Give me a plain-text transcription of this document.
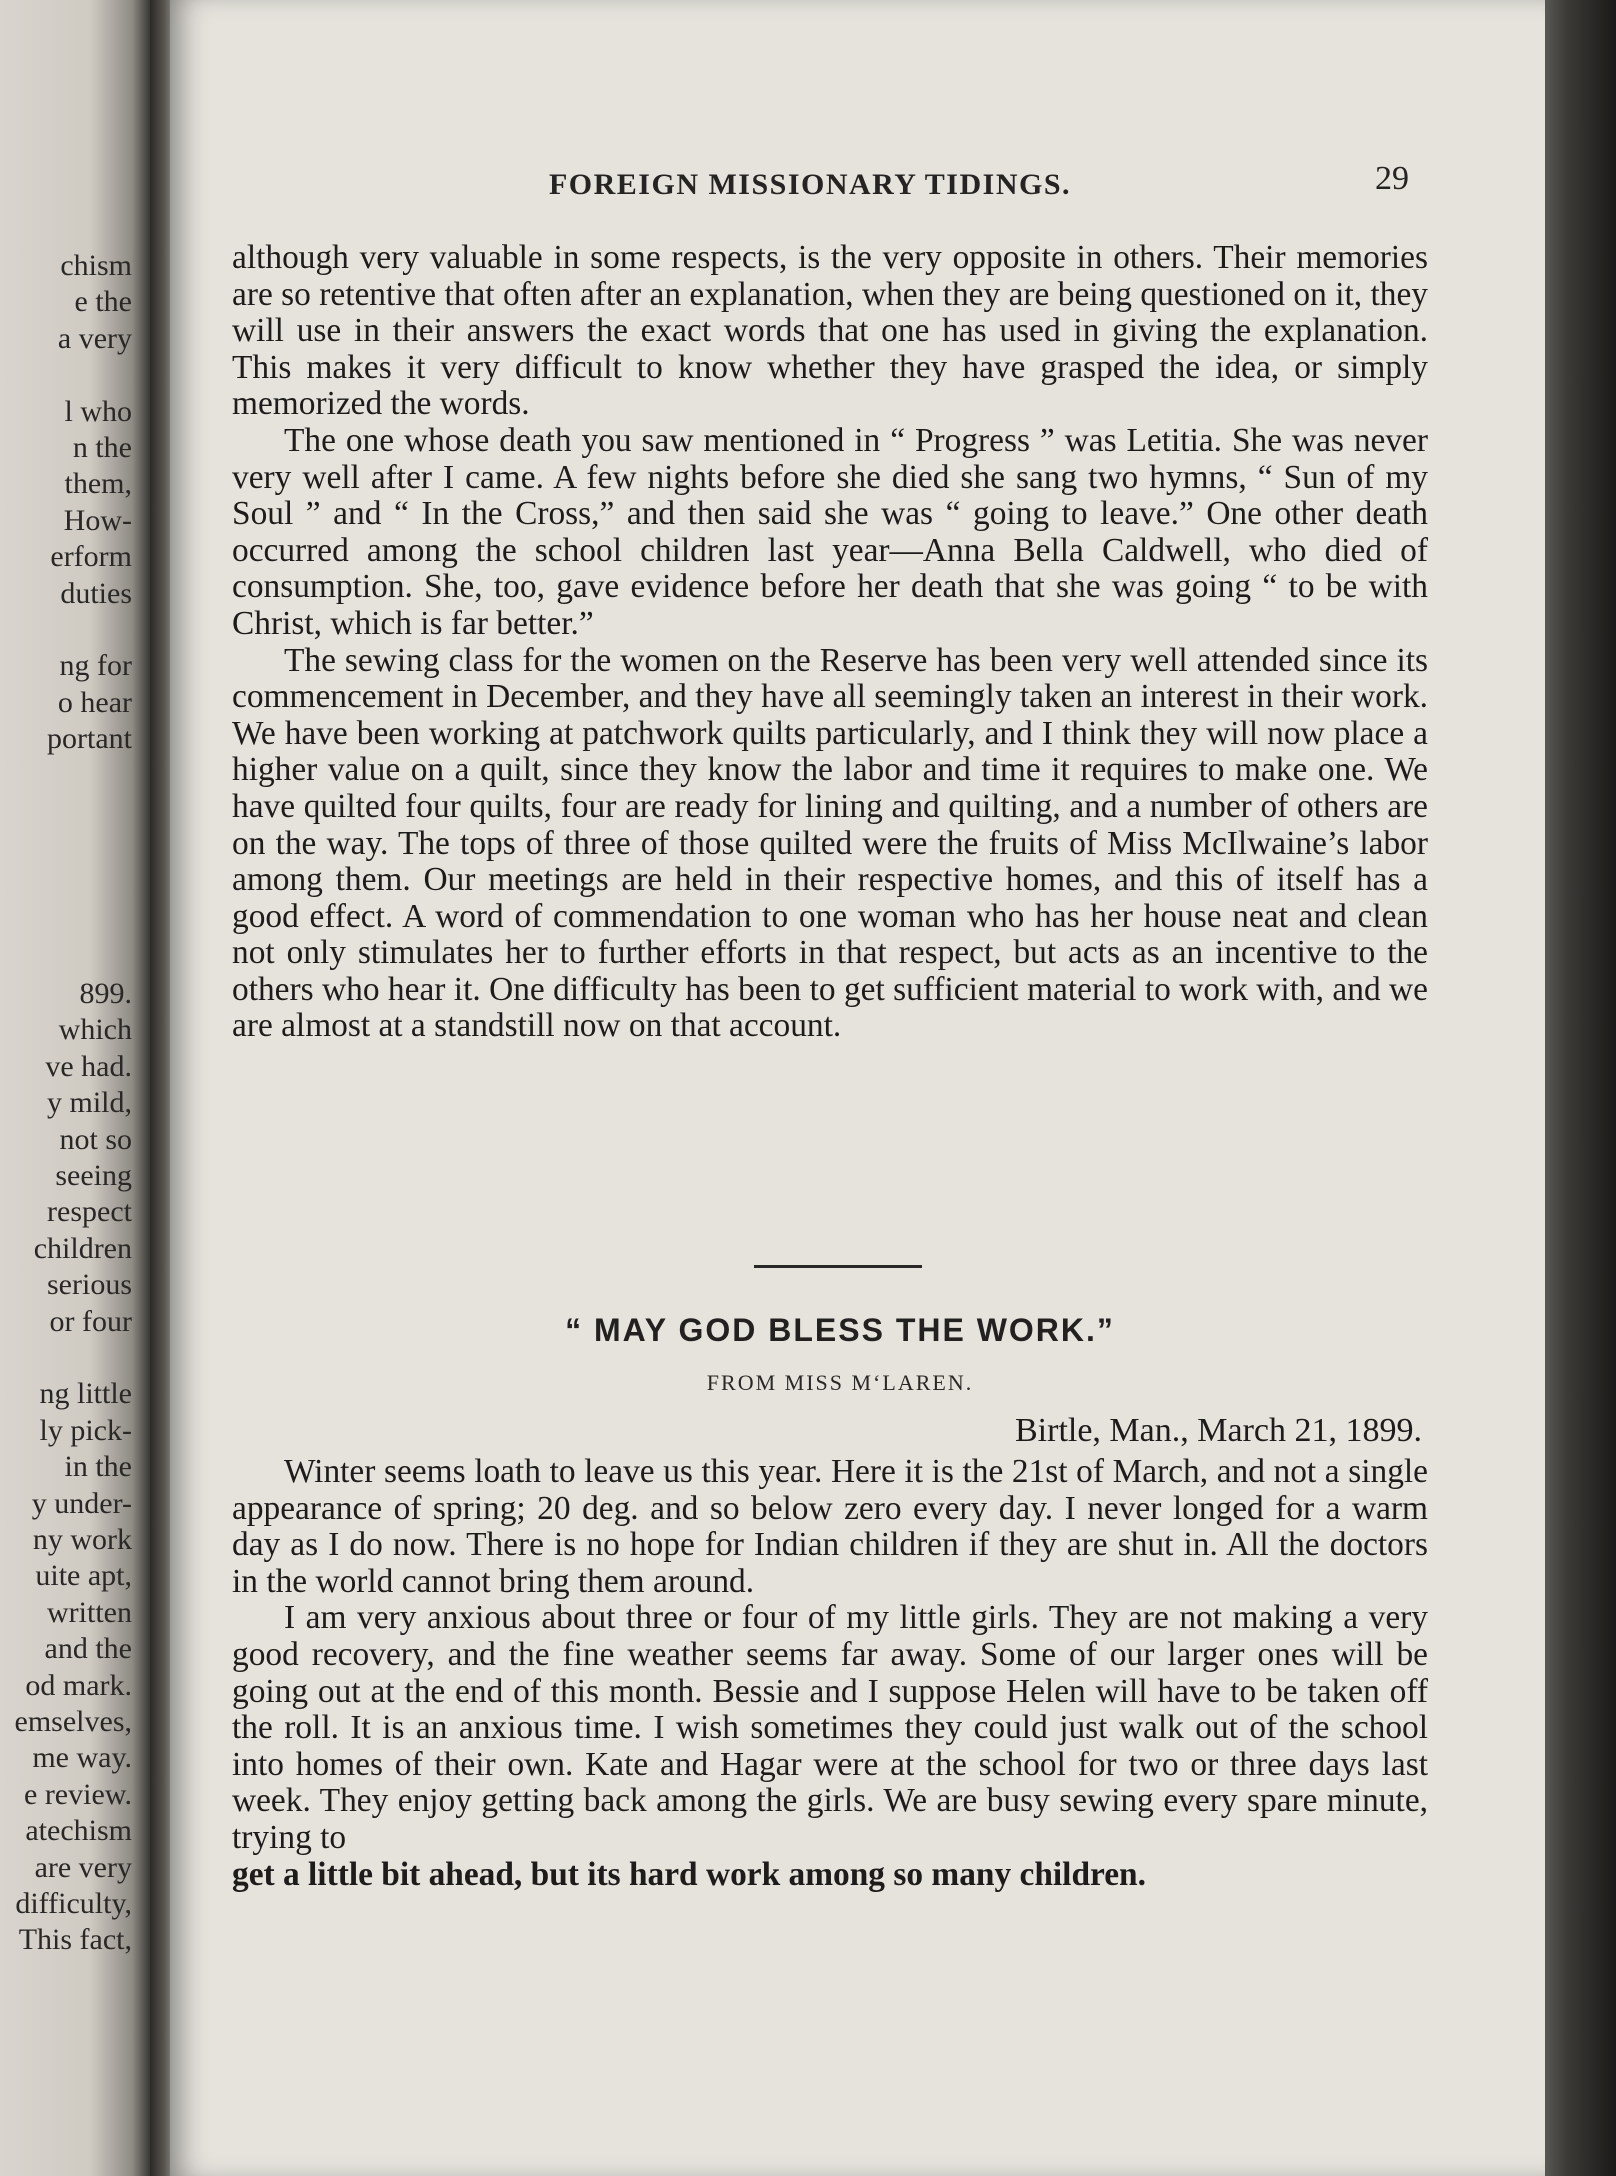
chism
e the
a very
l who
n the
them,
How-
erform
duties
ng for
o hear
portant
899.
which
ve had.
y mild,
not so
seeing
respect
children
serious
or four
ng little
ly pick-
in the
y under-
ny work
uite apt,
written
and the
od mark.
emselves,
me way.
e review.
atechism
are very
difficulty,
This fact,
FOREIGN MISSIONARY TIDINGS.	29

although very valuable in some respects, is the very opposite in others. Their memories are so retentive that often after an explanation, when they are being questioned on it, they will use in their answers the exact words that one has used in giving the explanation. This makes it very difficult to know whether they have grasped the idea, or simply memorized the words.

The one whose death you saw mentioned in “ Progress ” was Letitia. She was never very well after I came. A few nights before she died she sang two hymns, “ Sun of my Soul ” and “ In the Cross,” and then said she was “ going to leave.” One other death occurred among the school children last year—Anna Bella Caldwell, who died of consumption. She, too, gave evidence before her death that she was going “ to be with Christ, which is far better.”

The sewing class for the women on the Reserve has been very well attended since its commencement in December, and they have all seemingly taken an interest in their work. We have been working at patchwork quilts particularly, and I think they will now place a higher value on a quilt, since they know the labor and time it requires to make one. We have quilted four quilts, four are ready for lining and quilting, and a number of others are on the way. The tops of three of those quilted were the fruits of Miss McIlwaine’s labor among them. Our meetings are held in their respective homes, and this of itself has a good effect. A word of commendation to one woman who has her house neat and clean not only stimulates her to further efforts in that respect, but acts as an incentive to the others who hear it. One difficulty has been to get sufficient material to work with, and we are almost at a standstill now on that account.

“ MAY GOD BLESS THE WORK.”
FROM MISS M‘LAREN.
Birtle, Man., March 21, 1899.

Winter seems loath to leave us this year. Here it is the 21st of March, and not a single appearance of spring; 20 deg. and so below zero every day. I never longed for a warm day as I do now. There is no hope for Indian children if they are shut in. All the doctors in the world cannot bring them around.

I am very anxious about three or four of my little girls. They are not making a very good recovery, and the fine weather seems far away. Some of our larger ones will be going out at the end of this month. Bessie and I suppose Helen will have to be taken off the roll. It is an anxious time. I wish sometimes they could just walk out of the school into homes of their own. Kate and Hagar were at the school for two or three days last week. They enjoy getting back among the girls. We are busy sewing every spare minute, trying to

get a little bit ahead, but its hard work among so many children.
